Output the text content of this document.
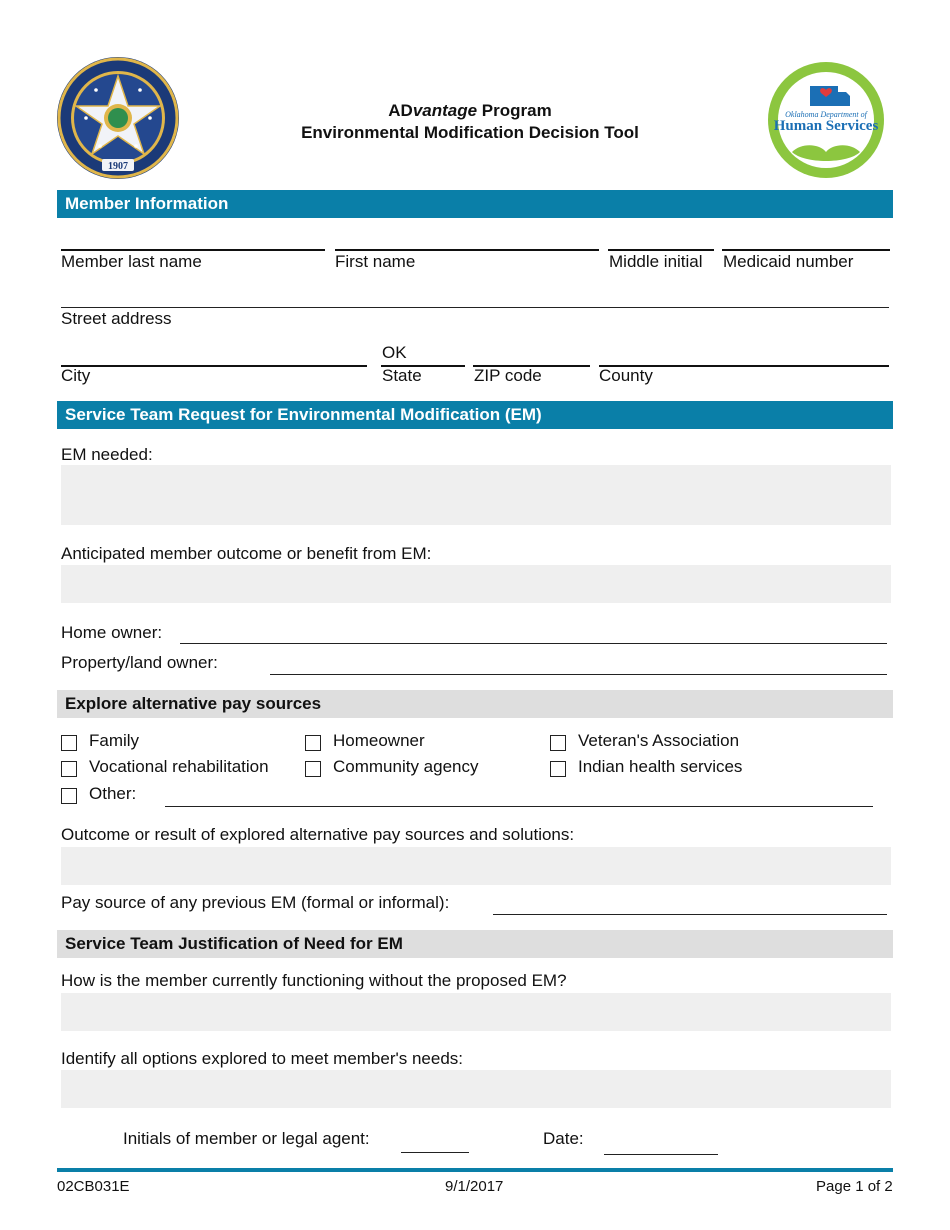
1907
ADvantage Program
Environmental Modification Decision Tool
Oklahoma Department of
Human Services
Member Information
Member last name	First name	Middle initial Medicaid number
Street address
OK
City	State	ZIP code	County
Service Team Request for Environmental Modification (EM)
EM needed:
Anticipated member outcome or benefit from EM:
Home owner:
Property/land owner:
Explore alternative pay sources
Family	Homeowner	Veteran's Association
Vocational rehabilitation	Community agency	Indian health services
Other:
Outcome or result of explored alternative pay sources and solutions:
Pay source of any previous EM (formal or informal):
Service Team Justification of Need for EM
How is the member currently functioning without the proposed EM?
Identify all options explored to meet member's needs:
Initials of member or legal agent:	Date:
02CB031E	9/1/2017	Page 1 of 2
